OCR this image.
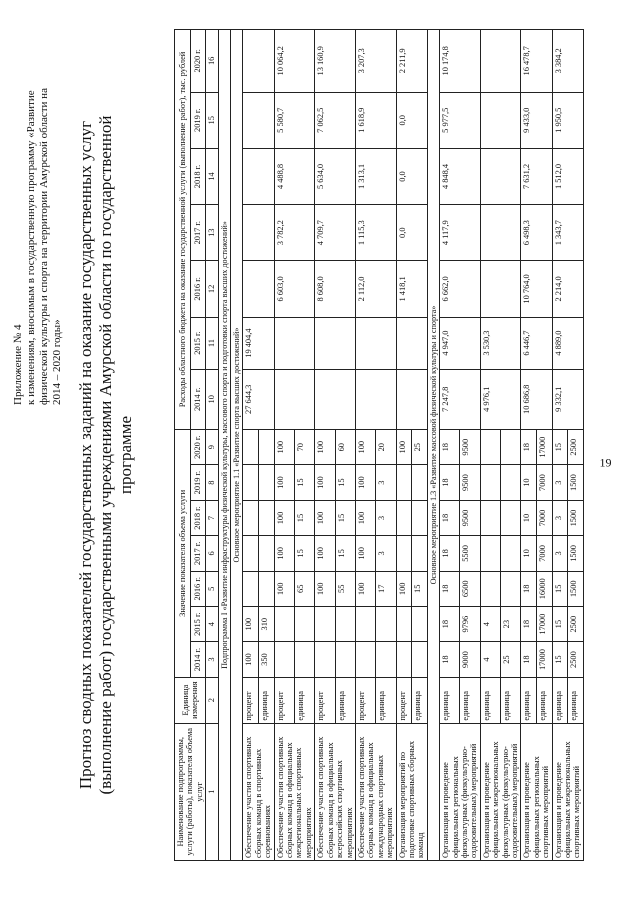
19
Приложение № 4 к изменениям, вносимым в государственную программу «Развитие физической культуры и спорта на территории Амурской области на 2014 – 2020 годы» Прогноз сводных показателей государственных заданий на оказание государственных услуг (выполнение работ) государственными учреждениями Амурской области по государственной программе
Наименование подпрограммы, услуги (работы), показателя объема услуг	Единица измерения	Значение показателя объема услуги							Расходы областного бюджета на оказание государственной услуги (выполнение работ), тыс. рублей						
		2014 г.	2015 г.	2016 г.	2017 г.	2018 г.	2019 г.	2020 г.	2014 г.	2015 г.	2016 г.	2017 г.	2018 г.	2019 г.	2020 г.
1	2	3	4	5	6	7	8	9	10	11	12	13	14	15	16
Подпрограмма I «Развитие инфраструктуры физической культуры, массового спорта и подготовки спорта высших достижений»															
Основное мероприятие 1.1 «Развитие спорта высших достижений»															
Обеспечение участия спортивных сборных команд в спортивных соревнованиях	процент	100	100						27 644,3	19 404,4					
	единица	350	310												
Обеспечение участия спортивных сборных команд в официальных межрегиональных спортивных мероприятиях	процент			100	100	100	100	100			6 603,0	3 782,2	4 488,8	5 580,7	10 064,2
	единица			65	15	15	15	70							
Обеспечение участия спортивных сборных команд в официальных всероссийских спортивных мероприятиях	процент			100	100	100	100	100			8 608,0	4 709,7	5 634,0	7 062,5	13 160,9
	единица			55	15	15	15	60							
Обеспечение участия спортивных сборных команд в официальных международных спортивных мероприятиях	процент			100	100	100	100	100			2 112,0	1 115,3	1 313,1	1 618,9	3 207,3
	единица			17	3	3	3	20							
Организация мероприятий по подготовке спортивных сборных команд	процент			100				100			1 418,1	0,0	0,0	0,0	2 211,9
	единица			15				25							
Основное мероприятие 1.3 «Развитие массовой физической культуры и спорта»															
Организация и проведение официальных региональных физкультурных (физкультурно-оздоровительных) мероприятий	единица	18	18	18	18	18	18	18	7 247,8	4 947,0	6 662,0	4 117,9	4 848,4	5 977,5	10 174,8
	единица	9000	9796	6500	5500	9500	9500	9500							
Организация и проведение официальных межрегиональных физкультурных (физкультурно-оздоровительных) мероприятий	единица	4	4						4 976,1	3 530,3					
	единица	25	23												
Организация и проведение официальных региональных спортивных мероприятий	единица	18	18	18	10	10	10	18	10 686,8	6 446,7	10 764,0	6 498,3	7 631,2	9 433,0	16 478,7
	единица	17000	17000	16000	7000	7000	7000	17000							
Организация и проведение официальных межрегиональных спортивных мероприятий	единица	15	15	15	3	3	3	15	9 332,1	4 889,0	2 214,0	1 343,7	1 512,0	1 950,5	3 384,2
	единица	2500	2500	1500	1500	1500	1500	2500							
